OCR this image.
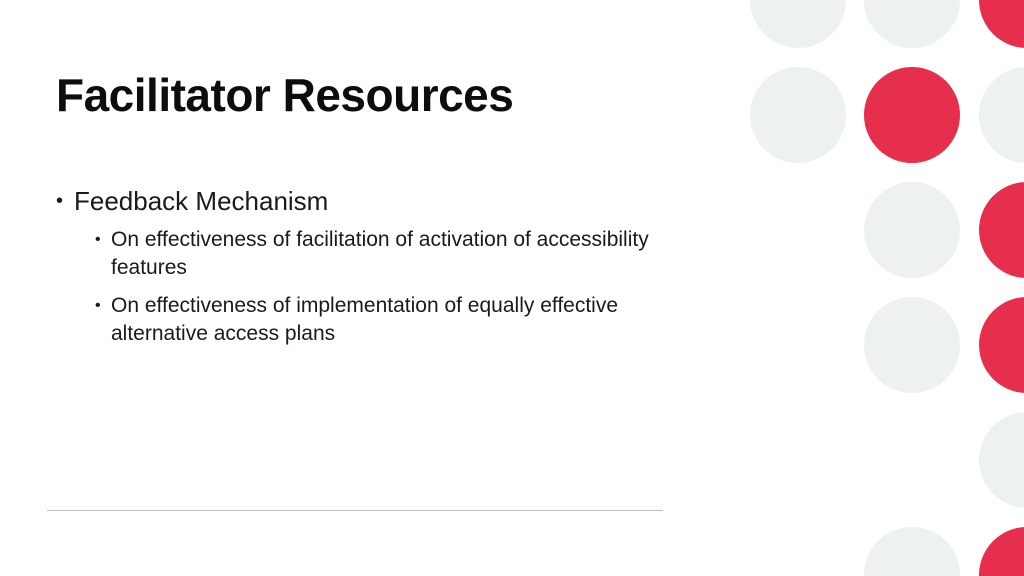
Facilitator Resources
• Feedback Mechanism
• On effectiveness of facilitation of activation of accessibility features
• On effectiveness of implementation of equally effective alternative access plans
